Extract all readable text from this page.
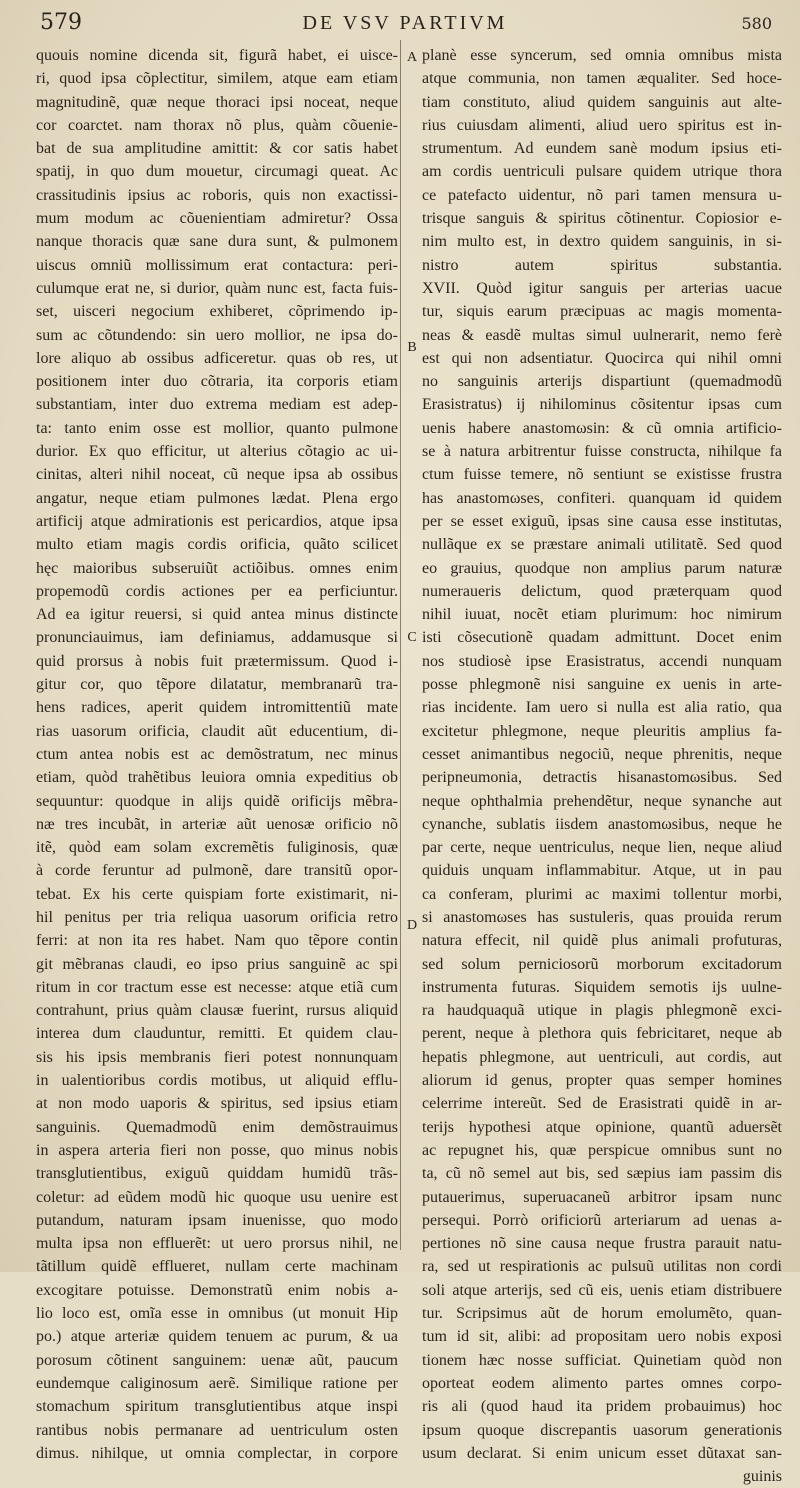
579	DE VSV PARTIVM	580
A
B
C
D
quouis nomine dicenda sit, figurã habet, ei uisce-
ri, quod ipsa cõplectitur, similem, atque eam etiam
magnitudinẽ, quæ neque thoraci ipsi noceat, neque
cor coarctet. nam thorax nõ plus, quàm cõuenie-
bat de sua amplitudine amittit: & cor satis habet
spatij, in quo dum mouetur, circumagi queat. Ac
crassitudinis ipsius ac roboris, quis non exactissi-
mum modum ac cõuenientiam admiretur? Ossa
nanque thoracis quæ sane dura sunt, & pulmonem
uiscus omniũ mollissimum erat contactura: peri-
culumque erat ne, si durior, quàm nunc est, facta fuis-
set, uisceri negocium exhiberet, cõprimendo ip-
sum ac cõtundendo: sin uero mollior, ne ipsa do-
lore aliquo ab ossibus adficeretur. quas ob res, ut
positionem inter duo cõtraria, ita corporis etiam
substantiam, inter duo extrema mediam est adep-
ta: tanto enim osse est mollior, quanto pulmone
durior. Ex quo efficitur, ut alterius cõtagio ac ui-
cinitas, alteri nihil noceat, cũ neque ipsa ab ossibus
angatur, neque etiam pulmones lædat. Plena ergo
artificij atque admirationis est pericardios, atque ipsa
multo etiam magis cordis orificia, quãto scilicet
hęc maioribus subseruiũt actiõibus. omnes enim
propemodũ cordis actiones per ea perficiuntur.
Ad ea igitur reuersi, si quid antea minus distincte
pronunciauimus, iam definiamus, addamusque si
quid prorsus à nobis fuit prætermissum. Quod i-
gitur cor, quo tẽpore dilatatur, membranarũ tra-
hens radices, aperit quidem intromittentiũ mate
rias uasorum orificia, claudit aũt educentium, di-
ctum antea nobis est ac demõstratum, nec minus
etiam, quòd trahẽtibus leuiora omnia expeditius ob
sequuntur: quodque in alijs quidẽ orificijs mẽbra-
næ tres incubãt, in arteriæ aũt uenosæ orificio nõ
itẽ, quòd eam solam excremẽtis fuliginosis, quæ
à corde feruntur ad pulmonẽ, dare transitũ opor-
tebat. Ex his certe quispiam forte existimarit, ni-
hil penitus per tria reliqua uasorum orificia retro
ferri: at non ita res habet. Nam quo tẽpore contin
git mẽbranas claudi, eo ipso prius sanguinẽ ac spi
ritum in cor tractum esse est necesse: atque etiã cum
contrahunt, prius quàm clausæ fuerint, rursus aliquid
interea dum clauduntur, remitti. Et quidem clau-
sis his ipsis membranis fieri potest nonnunquam
in ualentioribus cordis motibus, ut aliquid efflu-
at non modo uaporis & spiritus, sed ipsius etiam
sanguinis. Quemadmodũ enim demõstrauimus
in aspera arteria fieri non posse, quo minus nobis
transglutientibus, exiguũ quiddam humidũ trãs-
coletur: ad eũdem modũ hic quoque usu uenire est
putandum, naturam ipsam inuenisse, quo modo
multa ipsa non effluerẽt: ut uero prorsus nihil, ne
tãtillum quidẽ efflueret, nullam certe machinam
excogitare potuisse. Demonstratũ enim nobis a-
lio loco est, omĩa esse in omnibus (ut monuit Hip
po.) atque arteriæ quidem tenuem ac purum, & ua
porosum cõtinent sanguinem: uenæ aũt, paucum
eundemque caliginosum aerẽ. Similique ratione per
stomachum spiritum transglutientibus atque inspi
rantibus nobis permanare ad uentriculum osten
dimus. nihilque, ut omnia complectar, in corpore
planè esse syncerum, sed omnia omnibus mista
atque communia, non tamen æqualiter. Sed hoce-
tiam constituto, aliud quidem sanguinis aut alte-
rius cuiusdam alimenti, aliud uero spiritus est in-
strumentum. Ad eundem sanè modum ipsius eti-
am cordis uentriculi pulsare quidem utrique thora
ce patefacto uidentur, nõ pari tamen mensura u-
trisque sanguis & spiritus cõtinentur. Copiosior e-
nim multo est, in dextro quidem sanguinis, in si-
nistro autem spiritus substantia.
XVII. Quòd igitur sanguis per arterias uacue
tur, siquis earum præcipuas ac magis momenta-
neas & easdẽ multas simul uulnerarit, nemo ferè
est qui non adsentiatur. Quocirca qui nihil omni
no sanguinis arterijs dispartiunt (quemadmodũ
Erasistratus) ij nihilominus cõsitentur ipsas cum
uenis habere anastomωsin: & cũ omnia artificio-
se à natura arbitrentur fuisse constructa, nihilque fa
ctum fuisse temere, nõ sentiunt se existisse frustra
has anastomωses, confiteri. quanquam id quidem
per se esset exiguũ, ipsas sine causa esse institutas,
nullãque ex se præstare animali utilitatẽ. Sed quod
eo grauius, quodque non amplius parum naturæ
numeraueris delictum, quod præterquam quod
nihil iuuat, nocẽt etiam plurimum: hoc nimirum
isti cõsecutionẽ quadam admittunt. Docet enim
nos studiosè ipse Erasistratus, accendi nunquam
posse phlegmonẽ nisi sanguine ex uenis in arte-
rias incidente. Iam uero si nulla est alia ratio, qua
excitetur phlegmone, neque pleuritis amplius fa-
cesset animantibus negociũ, neque phrenitis, neque
peripneumonia, detractis hisanastomωsibus. Sed
neque ophthalmia prehendẽtur, neque synanche aut
cynanche, sublatis iisdem anastomωsibus, neque he
par certe, neque uentriculus, neque lien, neque aliud
quiduis unquam inflammabitur. Atque, ut in pau
ca conferam, plurimi ac maximi tollentur morbi,
si anastomωses has sustuleris, quas prouida rerum
natura effecit, nil quidẽ plus animali profuturas,
sed solum perniciosorũ morborum excitadorum
instrumenta futuras. Siquidem semotis ijs uulne-
ra haudquaquã utique in plagis phlegmonẽ exci-
perent, neque à plethora quis febricitaret, neque ab
hepatis phlegmone, aut uentriculi, aut cordis, aut
aliorum id genus, propter quas semper homines
celerrime intereũt. Sed de Erasistrati quidẽ in ar-
terijs hypothesi atque opinione, quantũ aduersẽt
ac repugnet his, quæ perspicue omnibus sunt no
ta, cũ nõ semel aut bis, sed sæpius iam passim dis
putauerimus, superuacaneũ arbitror ipsam nunc
persequi. Porrò orificiorũ arteriarum ad uenas a-
pertiones nõ sine causa neque frustra parauit natu-
ra, sed ut respirationis ac pulsuũ utilitas non cordi
soli atque arterijs, sed cũ eis, uenis etiam distribuere
tur. Scripsimus aũt de horum emolumẽto, quan-
tum id sit, alibi: ad propositam uero nobis exposi
tionem hæc nosse sufficiat. Quinetiam quòd non
oporteat eodem alimento partes omnes corpo-
ris ali (quod haud ita pridem probauimus) hoc
ipsum quoque discrepantis uasorum generationis
usum declarat. Si enim unicum esset dũtaxat san-
guinis
